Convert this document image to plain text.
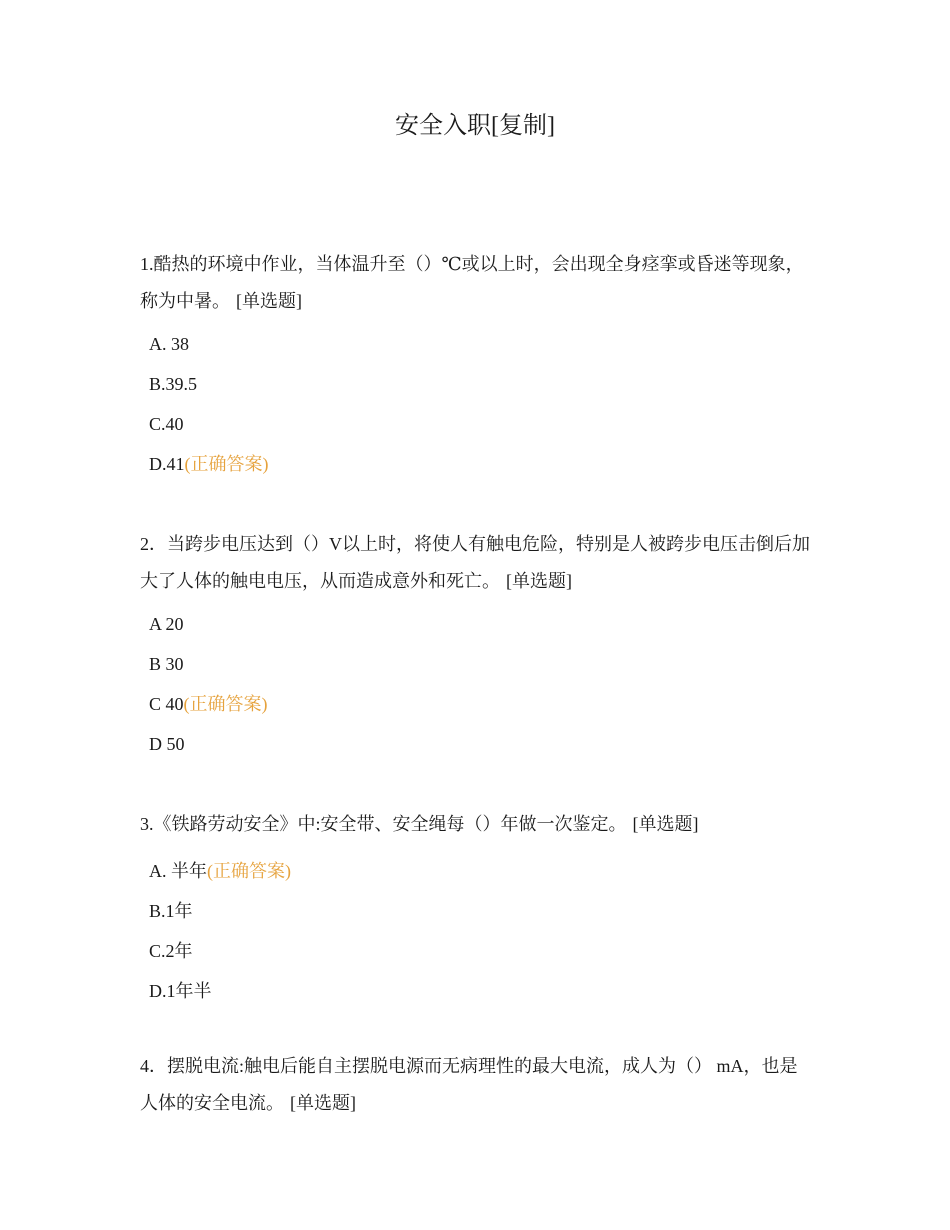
安全入职[复制]

1.酷热的环境中作业，当体温升至（）℃或以上时，会出现全身痉挛或昏迷等现象，称为中暑。 [单选题]

A. 38

B.39.5

C.40

D.41(正确答案)

2．当跨步电压达到（）V以上时，将使人有触电危险，特别是人被跨步电压击倒后加大了人体的触电电压，从而造成意外和死亡。 [单选题]

A 20

B 30

C 40(正确答案)

D 50

3.《铁路劳动安全》中:安全带、安全绳每（）年做一次鉴定。 [单选题]

A. 半年(正确答案)

B.1年

C.2年

D.1年半

4．摆脱电流:触电后能自主摆脱电源而无病理性的最大电流，成人为（） mA，也是人体的安全电流。 [单选题]
